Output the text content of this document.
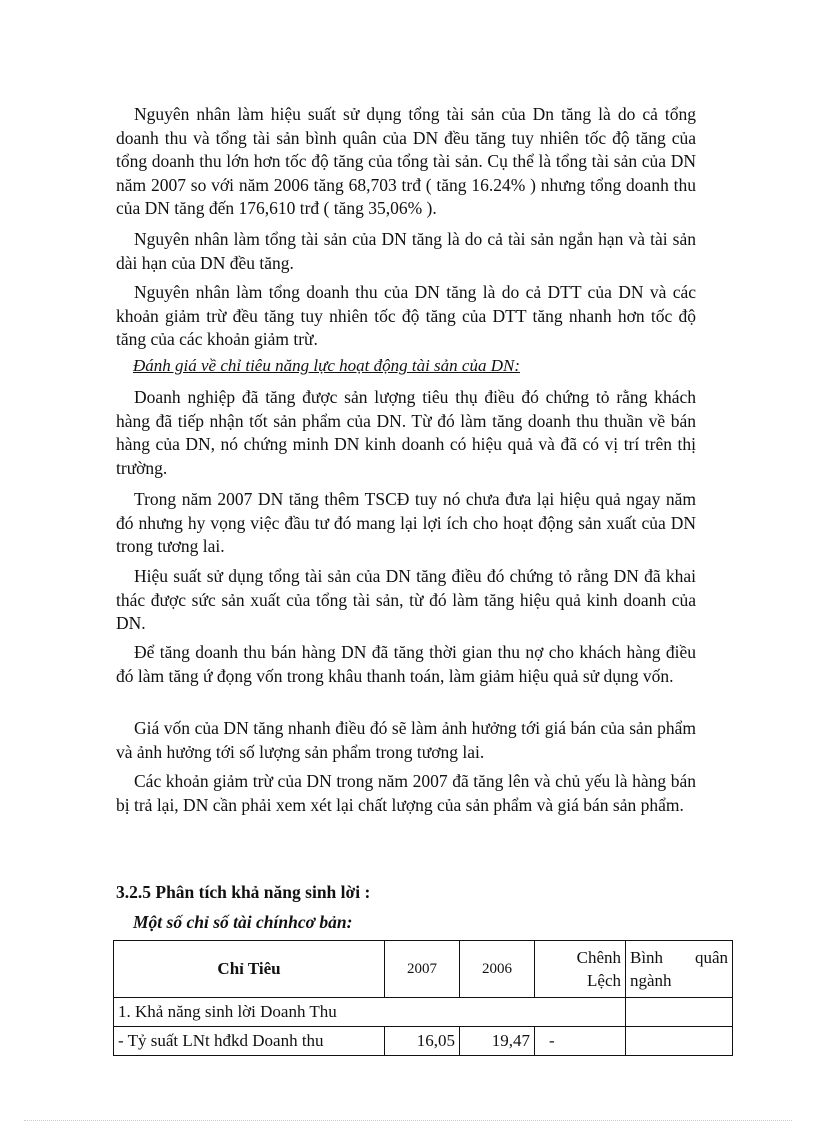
Nguyên nhân làm hiệu suất sử dụng tổng tài sản của Dn tăng là do cả tổng doanh thu và tổng tài sản bình quân của DN đều tăng tuy nhiên tốc độ tăng của tổng doanh thu lớn hơn tốc độ tăng của tổng tài sản. Cụ thể là tổng tài sản của DN năm 2007 so với năm 2006 tăng 68,703 trđ ( tăng 16.24% ) nhưng tổng doanh thu của DN tăng đến 176,610 trđ ( tăng 35,06% ).

Nguyên nhân làm tổng tài sản của DN tăng là do cả tài sản ngắn hạn và tài sản dài hạn của DN đều tăng.

Nguyên nhân làm tổng doanh thu của DN tăng là do cả DTT của DN và các khoản giảm trừ đều tăng tuy nhiên tốc độ tăng của DTT tăng nhanh hơn tốc độ tăng của các khoản giảm trừ.

Đánh giá về chỉ tiêu năng lực hoạt động tài sản của DN:

Doanh nghiệp đã tăng được sản lượng tiêu thụ điều đó chứng tỏ rằng khách hàng đã tiếp nhận tốt sản phẩm của DN. Từ đó làm tăng doanh thu thuần về bán hàng của DN, nó chứng minh DN kinh doanh có hiệu quả và đã có vị trí trên thị trường.

Trong năm 2007 DN tăng thêm TSCĐ tuy nó chưa đưa lại hiệu quả ngay năm đó nhưng hy vọng việc đầu tư đó mang lại lợi ích cho hoạt động sản xuất của DN trong tương lai.

Hiệu suất sử dụng tổng tài sản của DN tăng điều đó chứng tỏ rằng DN đã khai thác được sức sản xuất của tổng tài sản, từ đó làm tăng hiệu quả kinh doanh của DN.

Để tăng doanh thu bán hàng DN đã tăng thời gian thu nợ cho khách hàng điều đó làm tăng ứ đọng vốn trong khâu thanh toán, làm giảm hiệu quả sử dụng vốn.

Giá vốn của DN tăng nhanh điều đó sẽ làm ảnh hưởng tới giá bán của sản phẩm và ảnh hưởng tới số lượng sản phẩm trong tương lai.

Các khoản giảm trừ của DN trong năm 2007 đã tăng lên và chủ yếu là hàng bán bị trả lại, DN cần phải xem xét lại chất lượng của sản phẩm và giá bán sản phẩm.

3.2.5 Phân tích khả năng sinh lời :

Một số chỉ số tài chínhcơ bản:

Chỉ Tiêu	2007	2006	Chênh Lệch	Bình quân ngành
1. Khả năng sinh lời Doanh Thu				
- Tỷ suất LNt hđkd Doanh thu	16,05	19,47	-	
